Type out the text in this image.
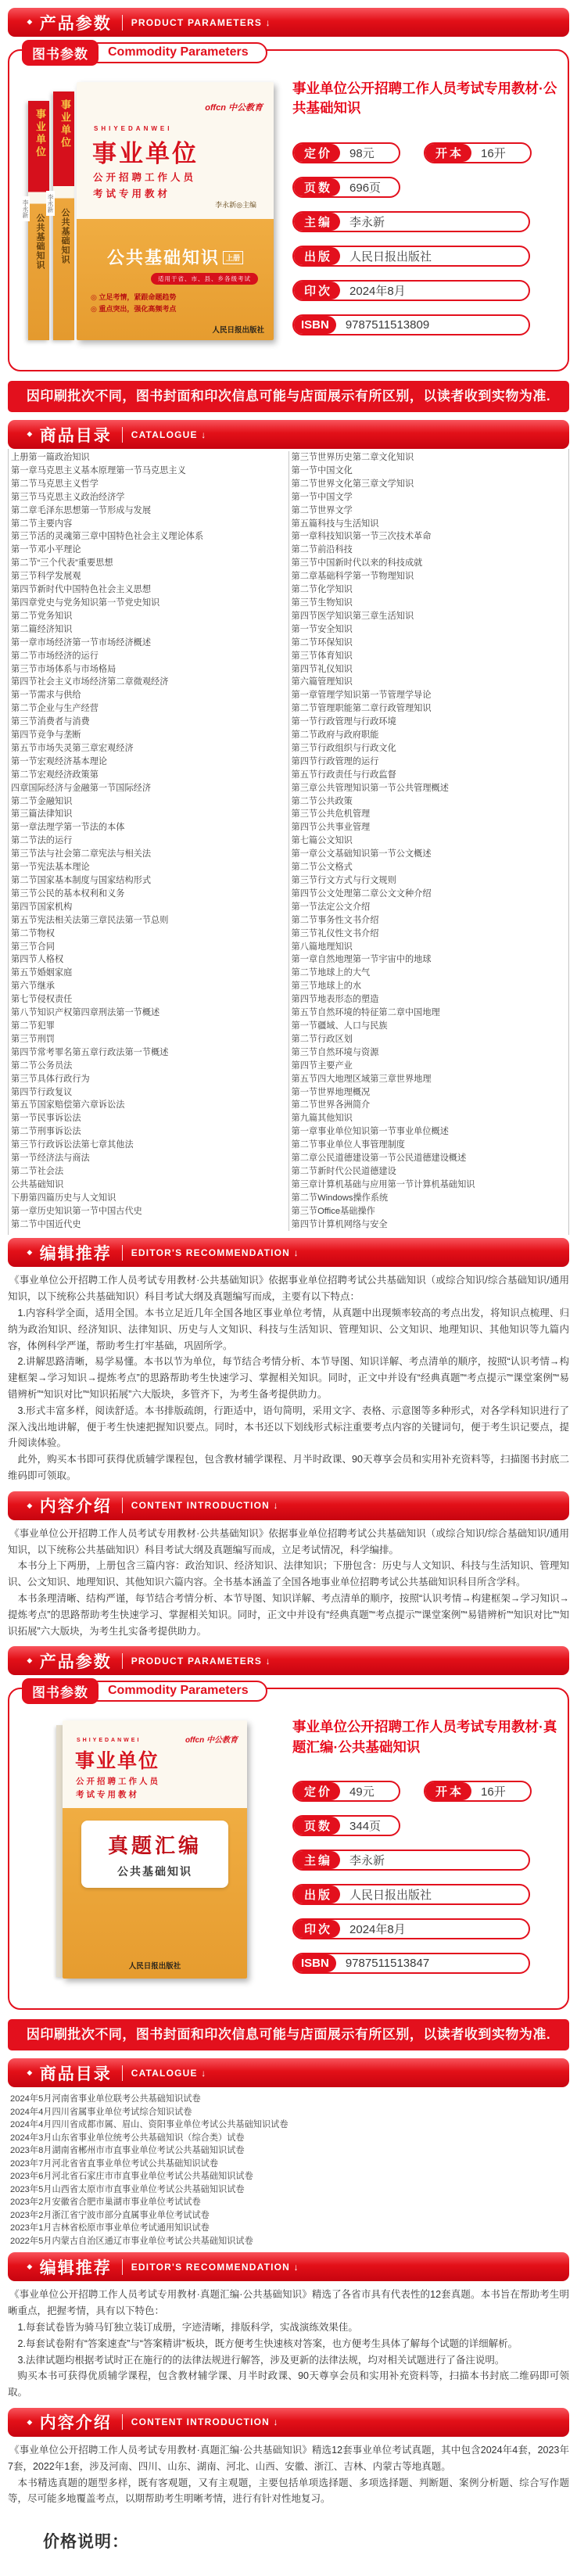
◆ 产品参数 PRODUCT PARAMETERS ↓
图书参数	Commodity Parameters
李永新
事业单位
公共基础知识
李永新
事业单位
公共基础知识
offcn 中公教育
SHIYEDANWEI
事业单位
公开招聘工作人员
考试专用教材
李永新◎主编
公共基础知识 上册
适用于省、市、县、乡各级考试
◎ 立足考情，紧跟命题趋势
◎ 重点突出，强化高频考点
人民日报出版社
事业单位公开招聘工作人员考试专用教材·公共基础知识
定价	98元	开本	16开
页数	696页
主编	李永新
出版	人民日报出版社
印次	2024年8月
ISBN	9787511513809
因印刷批次不同，图书封面和印次信息可能与店面展示有所区别，以读者收到实物为准.
◆ 商品目录 CATALOGUE ↓
上册第一篇政治知识
第一章马克思主义基本原理第一节马克思主义
第二节马克思主义哲学
第三节马克思主义政治经济学
第二章毛泽东思想第一节形成与发展
第二节主要内容
第三节活的灵魂第三章中国特色社会主义理论体系
第一节邓小平理论
第二节“三个代表”重要思想
第三节科学发展观
第四节新时代中国特色社会主义思想
第四章党史与党务知识第一节党史知识
第二节党务知识
第二篇经济知识
第一章市场经济第一节市场经济概述
第二节市场经济的运行
第三节市场体系与市场格局
第四节社会主义市场经济第二章微观经济
第一节需求与供给
第二节企业与生产经营
第三节消费者与消费
第四节竞争与垄断
第五节市场失灵第三章宏观经济
第一节宏观经济基本理论
第二节宏观经济政策第
四章国际经济与金融第一节国际经济
第二节金融知识
第三篇法律知识
第一章法理学第一节法的本体
第二节法的运行
第三节法与社会第二章宪法与相关法
第一节宪法基本理论
第二节国家基本制度与国家结构形式
第三节公民的基本权利和义务
第四节国家机构
第五节宪法相关法第三章民法第一节总则
第二节物权
第三节合同
第四节人格权
第五节婚姻家庭
第六节继承
第七节侵权责任
第八节知识产权第四章刑法第一节概述
第二节犯罪
第三节刑罚
第四节常考罪名第五章行政法第一节概述
第二节公务员法
第三节具体行政行为
第四节行政复议
第五节国家赔偿第六章诉讼法
第一节民事诉讼法
第二节刑事诉讼法
第三节行政诉讼法第七章其他法
第一节经济法与商法
第二节社会法
公共基础知识
下册第四篇历史与人文知识
第一章历史知识第一节中国古代史
第二节中国近代史
第三节世界历史第二章文化知识
第一节中国文化
第二节世界文化第三章文学知识
第一节中国文学
第二节世界文学
第五篇科技与生活知识
第一章科技知识第一节三次技术革命
第二节前沿科技
第三节中国新时代以来的科技成就
第二章基础科学第一节物理知识
第二节化学知识
第三节生物知识
第四节医学知识第三章生活知识
第一节安全知识
第二节环保知识
第三节体育知识
第四节礼仪知识
第六篇管理知识
第一章管理学知识第一节管理学导论
第二节管理职能第二章行政管理知识
第一节行政管理与行政环境
第二节政府与政府职能
第三节行政组织与行政文化
第四节行政管理的运行
第五节行政责任与行政监督
第三章公共管理知识第一节公共管理概述
第二节公共政策
第三节公共危机管理
第四节公共事业管理
第七篇公文知识
第一章公文基础知识第一节公文概述
第二节公文格式
第三节行文方式与行文规则
第四节公文处理第二章公文文种介绍
第一节法定公文介绍
第二节事务性文书介绍
第三节礼仪性文书介绍
第八篇地理知识
第一章自然地理第一节宇宙中的地球
第二节地球上的大气
第三节地球上的水
第四节地表形态的塑造
第五节自然环境的特征第二章中国地理
第一节疆域、人口与民族
第二节行政区划
第三节自然环境与资源
第四节主要产业
第五节四大地理区域第三章世界地理
第一节世界地理概况
第二节世界各洲简介
第九篇其他知识
第一章事业单位知识第一节事业单位概述
第二节事业单位人事管理制度
第二章公民道德建设第一节公民道德建设概述
第二节新时代公民道德建设
第三章计算机基础与应用第一节计算机基础知识
第二节Windows操作系统
第三节Office基础操作
第四节计算机网络与安全
◆ 编辑推荐 EDITOR'S RECOMMENDATION ↓
《事业单位公开招聘工作人员考试专用教材·公共基础知识》依据事业单位招聘考试公共基础知识（或综合知识/综合基础知识/通用知识，以下统称公共基础知识）科目考试大纲及真题编写而成，主要有以下特点：
1.内容科学全面，适用全国。本书立足近几年全国各地区事业单位考情，从真题中出现频率较高的考点出发，将知识点梳理、归纳为政治知识、经济知识、法律知识、历史与人文知识、科技与生活知识、管理知识、公文知识、地理知识、其他知识等九篇内容，体例科学严谨，帮助考生打牢基础，巩固所学。
2.讲解思路清晰，易学易懂。本书以节为单位，每节结合考情分析、本节导图、知识详解、考点清单的顺序，按照“认识考情→构建框架→学习知识→提炼考点”的思路帮助考生快速学习、掌握相关知识。同时，正文中并设有“经典真题”“考点提示”“课堂案例”“易错辨析”“知识对比”“知识拓展”六大版块，多管齐下，为考生备考提供助力。
3.形式丰富多样，阅读舒适。本书排版疏朗，行距适中，语句简明，采用文字、表格、示意图等多种形式，对各学科知识进行了深入浅出地讲解，便于考生快速把握知识要点。同时，本书还以下划线形式标注重要考点内容的关键词句，便于考生识记要点，提升阅读体验。
此外，购买本书即可获得优质辅学课程包，包含教材辅学课程、月半时政课、90天尊享会员和实用补充资料等，扫描图书封底二维码即可领取。
◆ 内容介绍 CONTENT INTRODUCTION ↓
《事业单位公开招聘工作人员考试专用教材·公共基础知识》依据事业单位招聘考试公共基础知识（或综合知识/综合基础知识/通用知识，以下统称公共基础知识）科目考试大纲及真题编写而成，立足考试情况，科学编排。
本书分上下两册，上册包含三篇内容：政治知识、经济知识、法律知识；下册包含：历史与人文知识、科技与生活知识、管理知识、公文知识、地理知识、其他知识六篇内容。全书基本涵盖了全国各地事业单位招聘考试公共基础知识科目所含学科。
本书条理清晰、结构严谨，每节结合考情分析、本节导图、知识详解、考点清单的顺序，按照“认识考情→构建框架→学习知识→提炼考点”的思路帮助考生快速学习、掌握相关知识。同时，正文中并设有“经典真题”“考点提示”“课堂案例”“易错辨析”“知识对比”“知识拓展”六大版块，为考生扎实备考提供助力。
◆ 产品参数 PRODUCT PARAMETERS ↓
图书参数	Commodity Parameters
offcn 中公教育
SHIYEDANWEI
事业单位
公开招聘工作人员
考试专用教材
真题汇编
公共基础知识
人民日报出版社
事业单位公开招聘工作人员考试专用教材·真题汇编·公共基础知识
定价	49元	开本	16开
页数	344页
主编	李永新
出版	人民日报出版社
印次	2024年8月
ISBN	9787511513847
因印刷批次不同，图书封面和印次信息可能与店面展示有所区别，以读者收到实物为准.
◆ 商品目录 CATALOGUE ↓
2024年5月河南省事业单位联考公共基础知识试卷
2024年4月四川省属事业单位考试综合知识试卷
2024年4月四川省成都市属、眉山、资阳事业单位考试公共基础知识试卷
2024年3月山东省事业单位统考公共基础知识（综合类）试卷
2023年8月湖南省郴州市市直事业单位考试公共基础知识试卷
2023年7月河北省省直事业单位考试公共基础知识试卷
2023年6月河北省石家庄市市直事业单位考试公共基础知识试卷
2023年5月山西省太原市市直事业单位考试公共基础知识试卷
2023年2月安徽省合肥市巢湖市事业单位考试试卷
2023年2月浙江省宁波市部分直属事业单位考试试卷
2023年1月吉林省松原市事业单位考试通用知识试卷
2022年5月内蒙古自治区通辽市事业单位考试公共基础知识试卷
◆ 编辑推荐 EDITOR'S RECOMMENDATION ↓
《事业单位公开招聘工作人员考试专用教材·真题汇编·公共基础知识》精选了各省市具有代表性的12套真题。本书旨在帮助考生明晰重点，把握考情，具有以下特色：
1.每套试卷皆为骑马钉独立装订成册，字迹清晰，排版科学，实战演练效果佳。
2.每套试卷附有“答案速查”与“答案精讲”板块，既方便考生快速核对答案，也方便考生具体了解每个试题的详细解析。
3.法律试题均根据考试时正在施行的的法律法规进行解答，涉及更新的法律法规，均对相关试题进行了备注说明。
购买本书可获得优质辅学课程，包含教材辅学课、月半时政课、90天尊享会员和实用补充资料等，扫描本书封底二维码即可领取。
◆ 内容介绍 CONTENT INTRODUCTION ↓
《事业单位公开招聘工作人员考试专用教材·真题汇编·公共基础知识》精选12套事业单位考试真题，其中包含2024年4套，2023年7套，2022年1套，涉及河南、四川、山东、湖南、河北、山西、安徽、浙江、吉林、内蒙古等地真题。
本书精选真题的题型多样，既有客观题，又有主观题，主要包括单项选择题、多项选择题、判断题、案例分析题、综合写作题等，尽可能多地覆盖考点，以期帮助考生明晰考情，进行有针对性地复习。
价格说明：
